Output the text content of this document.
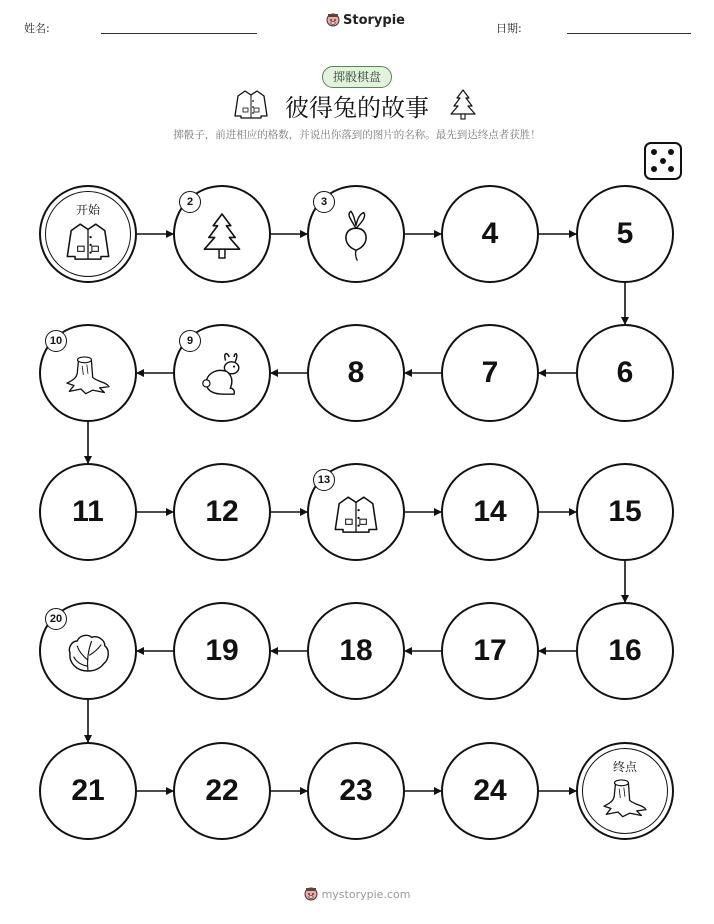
姓名:
Storypie
日期:
掷骰棋盘
彼得兔的故事
掷骰子，前进相应的格数，并说出你落到的图片的名称。最先到达终点者获胜！
开始
2	3
4	5
6
7
8
9
10
11	12
13
14	15
16
17
18
19
20
21	22	23	24
终点
mystorypie.com
